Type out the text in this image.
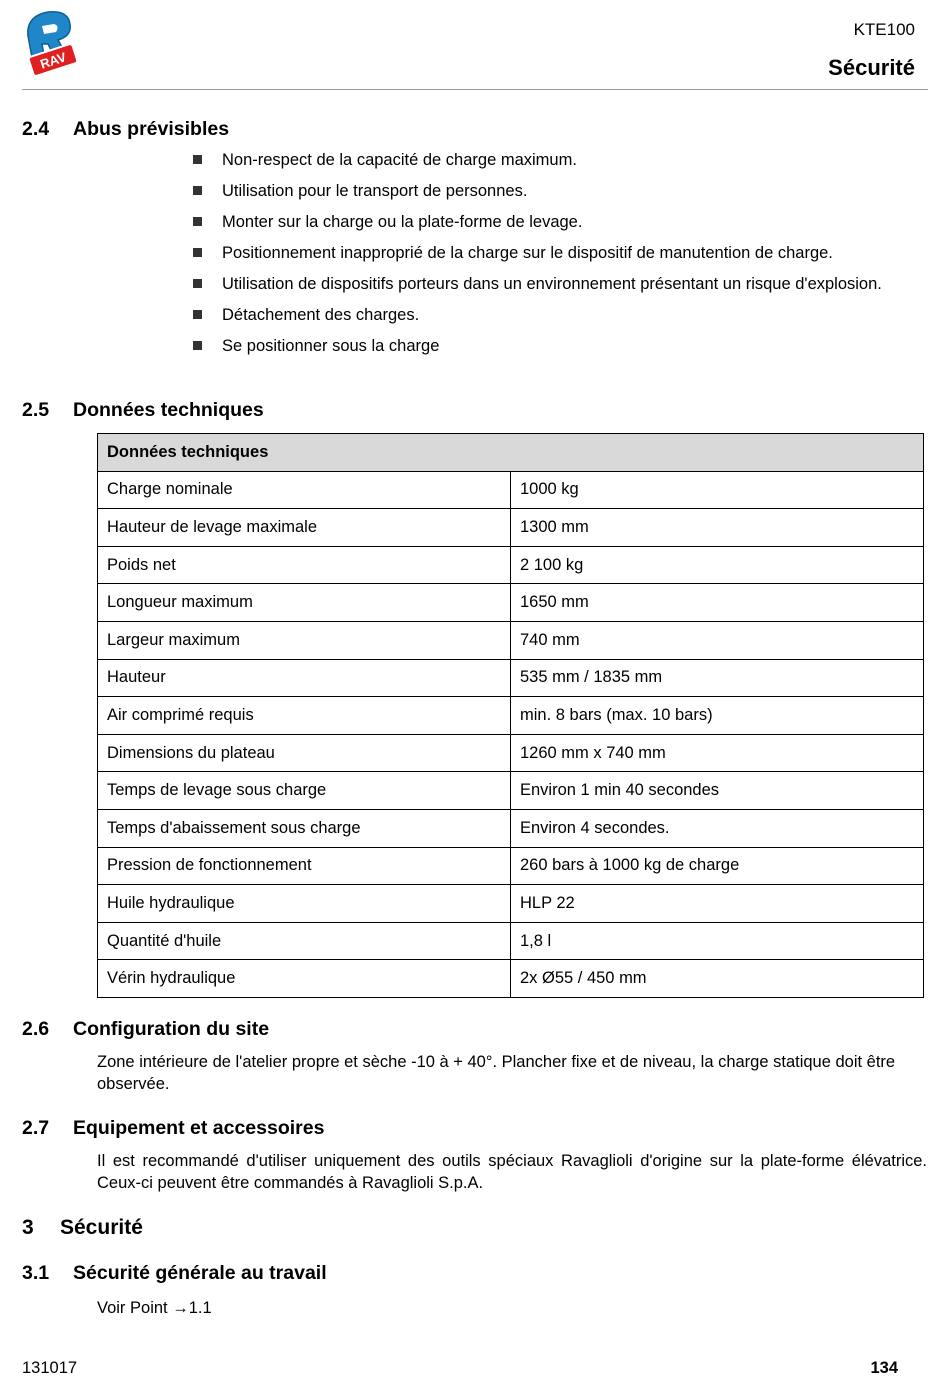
RAV
KTE100
Sécurité
2.4 Abus prévisibles
Non-respect de la capacité de charge maximum.
Utilisation pour le transport de personnes.
Monter sur la charge ou la plate-forme de levage.
Positionnement inapproprié de la charge sur le dispositif de manutention de charge.
Utilisation de dispositifs porteurs dans un environnement présentant un risque d'explosion.
Détachement des charges.
Se positionner sous la charge
2.5 Données techniques
Données techniques	
Charge nominale	1000 kg
Hauteur de levage maximale	1300 mm
Poids net	2 100 kg
Longueur maximum	1650 mm
Largeur maximum	740 mm
Hauteur	535 mm / 1835 mm
Air comprimé requis	min. 8 bars (max. 10 bars)
Dimensions du plateau	1260 mm x 740 mm
Temps de levage sous charge	Environ 1 min 40 secondes
Temps d'abaissement sous charge	Environ 4 secondes.
Pression de fonctionnement	260 bars à 1000 kg de charge
Huile hydraulique	HLP 22
Quantité d'huile	1,8 l
Vérin hydraulique	2x Ø55 / 450 mm
2.6 Configuration du site
Zone intérieure de l'atelier propre et sèche -10 à + 40°. Plancher fixe et de niveau, la charge statique doit être observée.
2.7 Equipement et accessoires
Il est recommandé d'utiliser uniquement des outils spéciaux Ravaglioli d'origine sur la plate-forme élévatrice. Ceux-ci peuvent être commandés à Ravaglioli S.p.A.
3 Sécurité
3.1 Sécurité générale au travail
Voir Point →1.1
131017	134
